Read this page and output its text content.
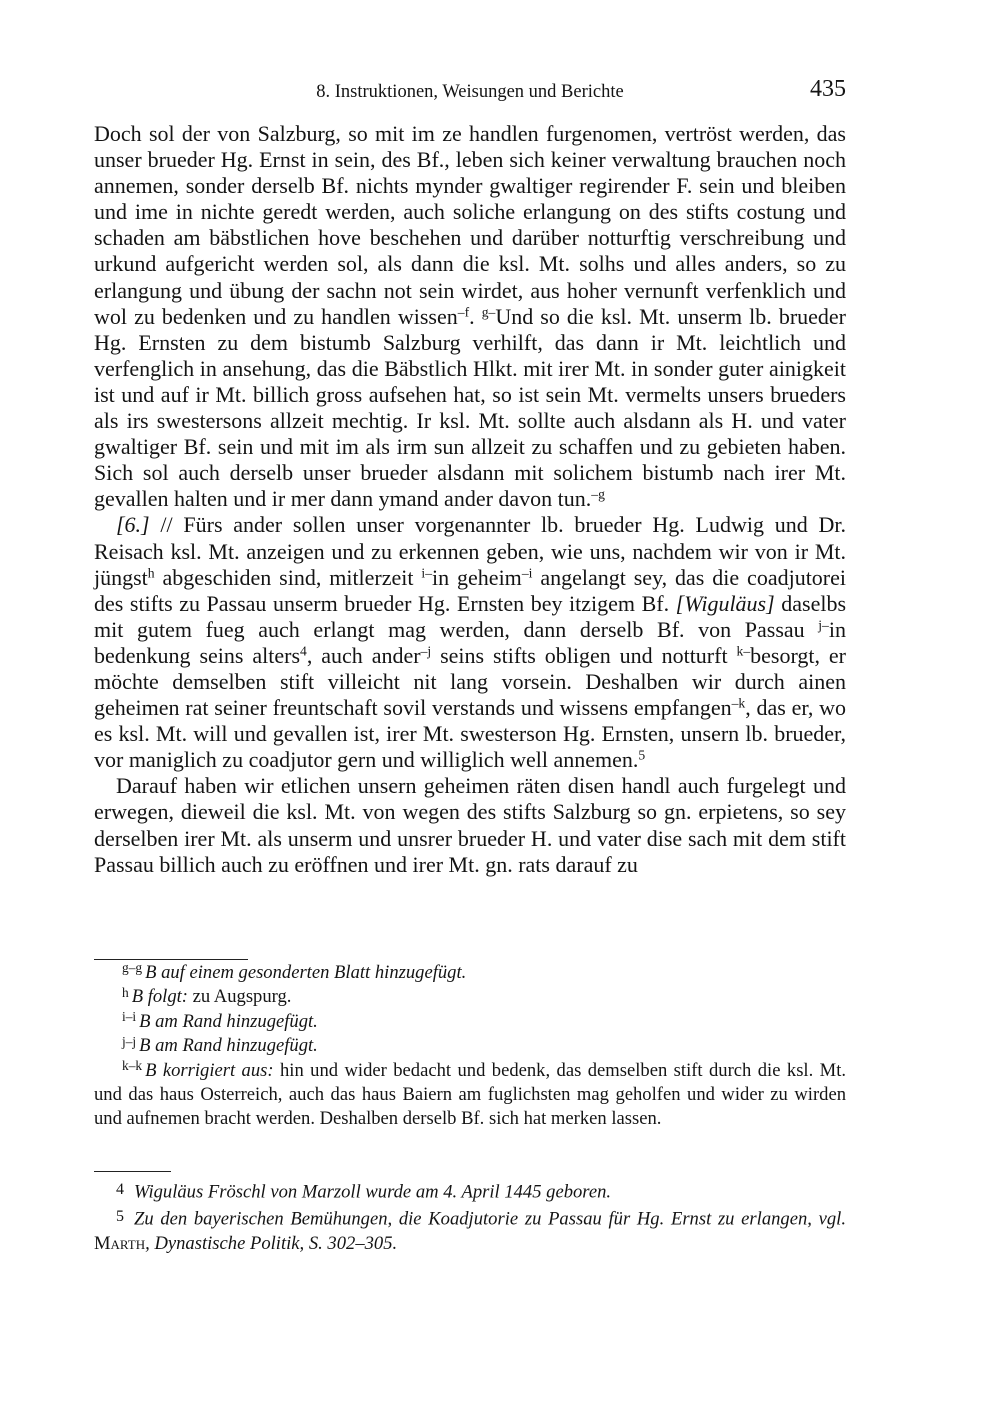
8. Instruktionen, Weisungen und Berichte	435

Doch sol der von Salzburg, so mit im ze handlen furgenomen, vertröst werden, das unser brueder Hg. Ernst in sein, des Bf., leben sich keiner verwaltung brauchen noch annemen, sonder derselb Bf. nichts mynder gwaltiger regirender F. sein und bleiben und ime in nichte geredt werden, auch soliche erlangung on des stifts costung und schaden am bäbstlichen hove beschehen und darüber notturftig verschreibung und urkund aufgericht werden sol, als dann die ksl. Mt. solhs und alles anders, so zu erlangung und übung der sachn not sein wirdet, aus hoher vernunft verfenklich und wol zu bedenken und zu handlen wissen$^{-f}$. $^{g-}$Und so die ksl. Mt. unserm lb. brueder Hg. Ernsten zu dem bistumb Salzburg verhilft, das dann ir Mt. leichtlich und verfenglich in ansehung, das die Bäbstlich Hlkt. mit irer Mt. in sonder guter ainigkeit ist und auf ir Mt. billich gross aufsehen hat, so ist sein Mt. vermelts unsers brueders als irs swestersons allzeit mechtig. Ir ksl. Mt. sollte auch alsdann als H. und vater gwaltiger Bf. sein und mit im als irm sun allzeit zu schaffen und zu gebieten haben. Sich sol auch derselb unser brueder alsdann mit solichem bistumb nach irer Mt. gevallen halten und ir mer dann ymand ander davon tun.$^{-g}$

[6.] // Fürs ander sollen unser vorgenannter lb. brueder Hg. Ludwig und Dr. Reisach ksl. Mt. anzeigen und zu erkennen geben, wie uns, nachdem wir von ir Mt. jüngst$^h$ abgeschiden sind, mitlerzeit $^{i-}$in geheim$^{-i}$ angelangt sey, das die coadjutorei des stifts zu Passau unserm brueder Hg. Ernsten bey itzigem Bf. [Wiguläus] daselbs mit gutem fueg auch erlangt mag werden, dann derselb Bf. von Passau $^{j-}$in bedenkung seins alters$^4$, auch ander$^{-j}$ seins stifts obligen und notturft $^{k-}$besorgt, er möchte demselben stift villeicht nit lang vorsein. Deshalben wir durch ainen geheimen rat seiner freuntschaft sovil verstands und wissens empfangen$^{-k}$, das er, wo es ksl. Mt. will und gevallen ist, irer Mt. swesterson Hg. Ernsten, unsern lb. brueder, vor maniglich zu coadjutor gern und williglich well annemen.$^5$

Darauf haben wir etlichen unsern geheimen räten disen handl auch furgelegt und erwegen, dieweil die ksl. Mt. von wegen des stifts Salzburg so gn. erpietens, so sey derselben irer Mt. als unserm und unsrer brueder H. und vater dise sach mit dem stift Passau billich auch zu eröffnen und irer Mt. gn. rats darauf zu

$^{g-g}$ B auf einem gesonderten Blatt hinzugefügt.

$^h$ B folgt: zu Augspurg.

$^{i-i}$ B am Rand hinzugefügt.

$^{j-j}$ B am Rand hinzugefügt.

$^{k-k}$ B korrigiert aus: hin und wider bedacht und bedenk, das demselben stift durch die ksl. Mt. und das haus Osterreich, auch das haus Baiern am fuglichsten mag geholfen und wider zu wirden und aufnemen bracht werden. Deshalben derselb Bf. sich hat merken lassen.

4 Wiguläus Fröschl von Marzoll wurde am 4. April 1445 geboren.

5 Zu den bayerischen Bemühungen, die Koadjutorie zu Passau für Hg. Ernst zu erlangen, vgl. Marth, Dynastische Politik, S. 302–305.
